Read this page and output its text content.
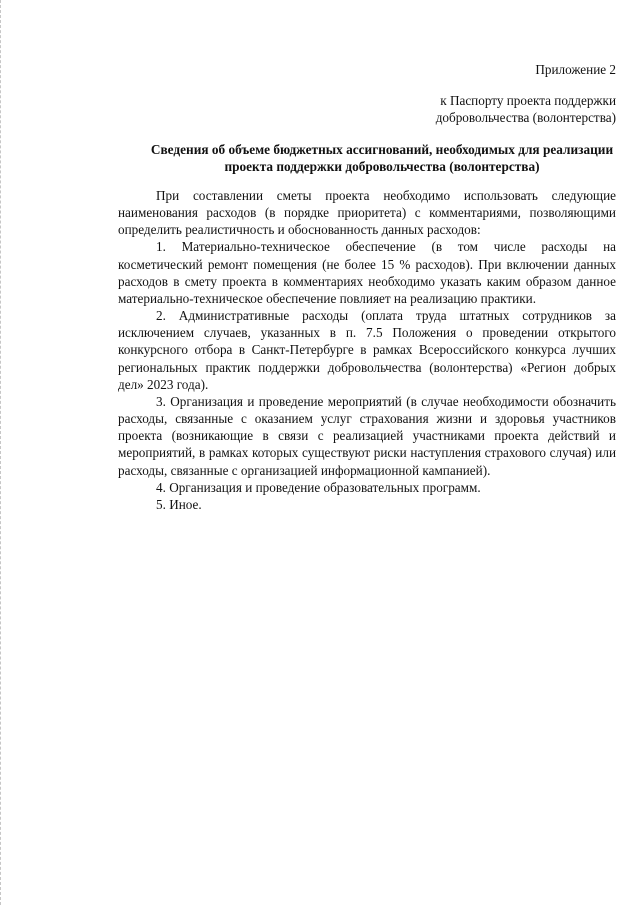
Приложение 2
к Паспорту проекта поддержки
добровольчества (волонтерства)
Сведения об объеме бюджетных ассигнований, необходимых для реализации
проекта поддержки добровольчества (волонтерства)

При составлении сметы проекта необходимо использовать следующие наименования расходов (в порядке приоритета) с комментариями, позволяющими определить реалистичность и обоснованность данных расходов:

1. Материально-техническое обеспечение (в том числе расходы на косметический ремонт помещения (не более 15 % расходов). При включении данных расходов в смету проекта в комментариях необходимо указать каким образом данное материально-техническое обеспечение повлияет на реализацию практики.

2. Административные расходы (оплата труда штатных сотрудников за исключением случаев, указанных в п. 7.5 Положения о проведении открытого конкурсного отбора в Санкт-Петербурге в рамках Всероссийского конкурса лучших региональных практик поддержки добровольчества (волонтерства) «Регион добрых дел» 2023 года).

3. Организация и проведение мероприятий (в случае необходимости обозначить расходы, связанные с оказанием услуг страхования жизни и здоровья участников проекта (возникающие в связи с реализацией участниками проекта действий и мероприятий, в рамках которых существуют риски наступления страхового случая) или расходы, связанные с организацией информационной кампанией).

4. Организация и проведение образовательных программ.

5. Иное.
